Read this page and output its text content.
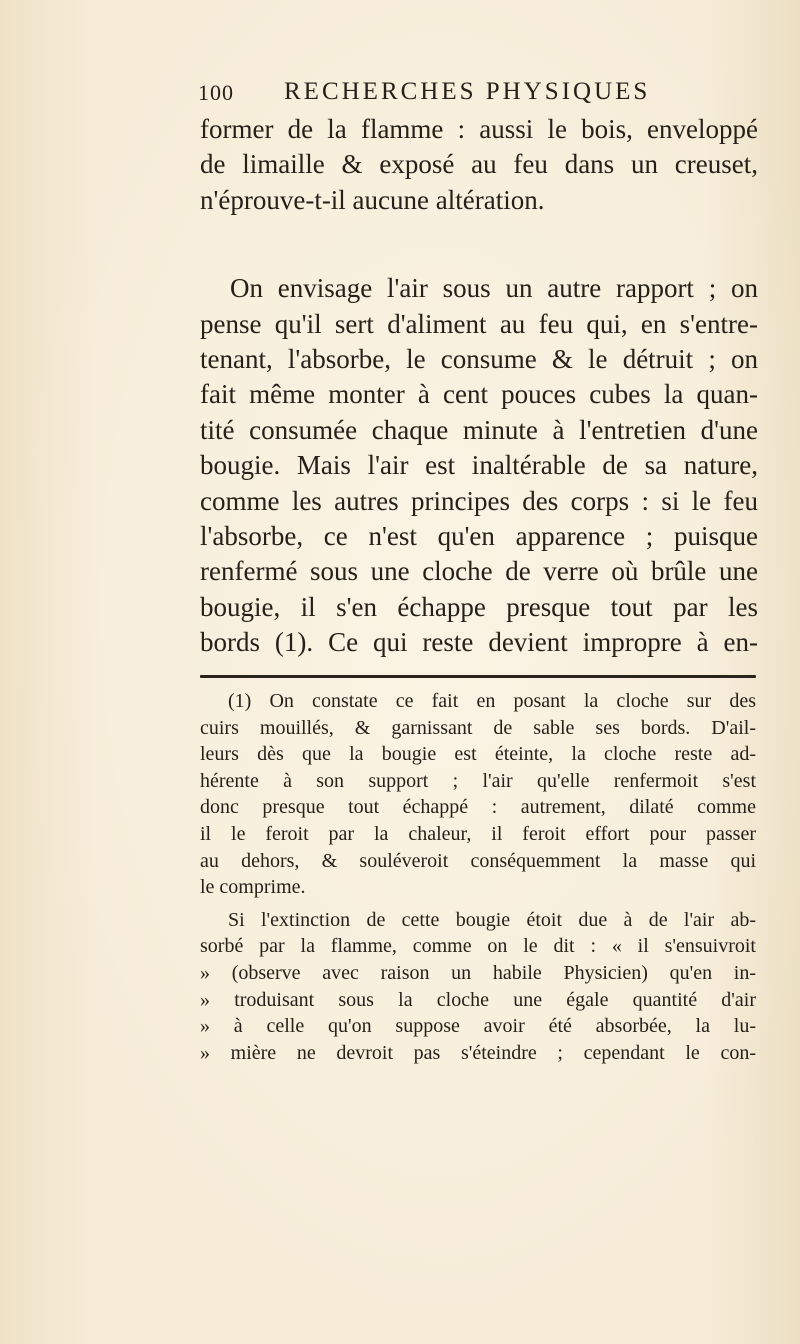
100 RECHERCHES PHYSIQUES
former de la flamme : aussi le bois, enveloppé
de limaille & exposé au feu dans un creuset,
n'éprouve-t-il aucune altération.
On envisage l'air sous un autre rapport ; on
pense qu'il sert d'aliment au feu qui, en s'entre-
tenant, l'absorbe, le consume & le détruit ; on
fait même monter à cent pouces cubes la quan-
tité consumée chaque minute à l'entretien d'une
bougie. Mais l'air est inaltérable de sa nature,
comme les autres principes des corps : si le feu
l'absorbe, ce n'est qu'en apparence ; puisque
renfermé sous une cloche de verre où brûle une
bougie, il s'en échappe presque tout par les
bords (1). Ce qui reste devient impropre à en-
(1) On constate ce fait en posant la cloche sur des
cuirs mouillés, & garnissant de sable ses bords. D'ail-
leurs dès que la bougie est éteinte, la cloche reste ad-
hérente à son support ; l'air qu'elle renfermoit s'est
donc presque tout échappé : autrement, dilaté comme
il le feroit par la chaleur, il feroit effort pour passer
au dehors, & souléveroit conséquemment la masse qui
le comprime.
Si l'extinction de cette bougie étoit due à de l'air ab-
sorbé par la flamme, comme on le dit : « il s'ensuivroit
» (observe avec raison un habile Physicien) qu'en in-
» troduisant sous la cloche une égale quantité d'air
» à celle qu'on suppose avoir été absorbée, la lu-
» mière ne devroit pas s'éteindre ; cependant le con-
